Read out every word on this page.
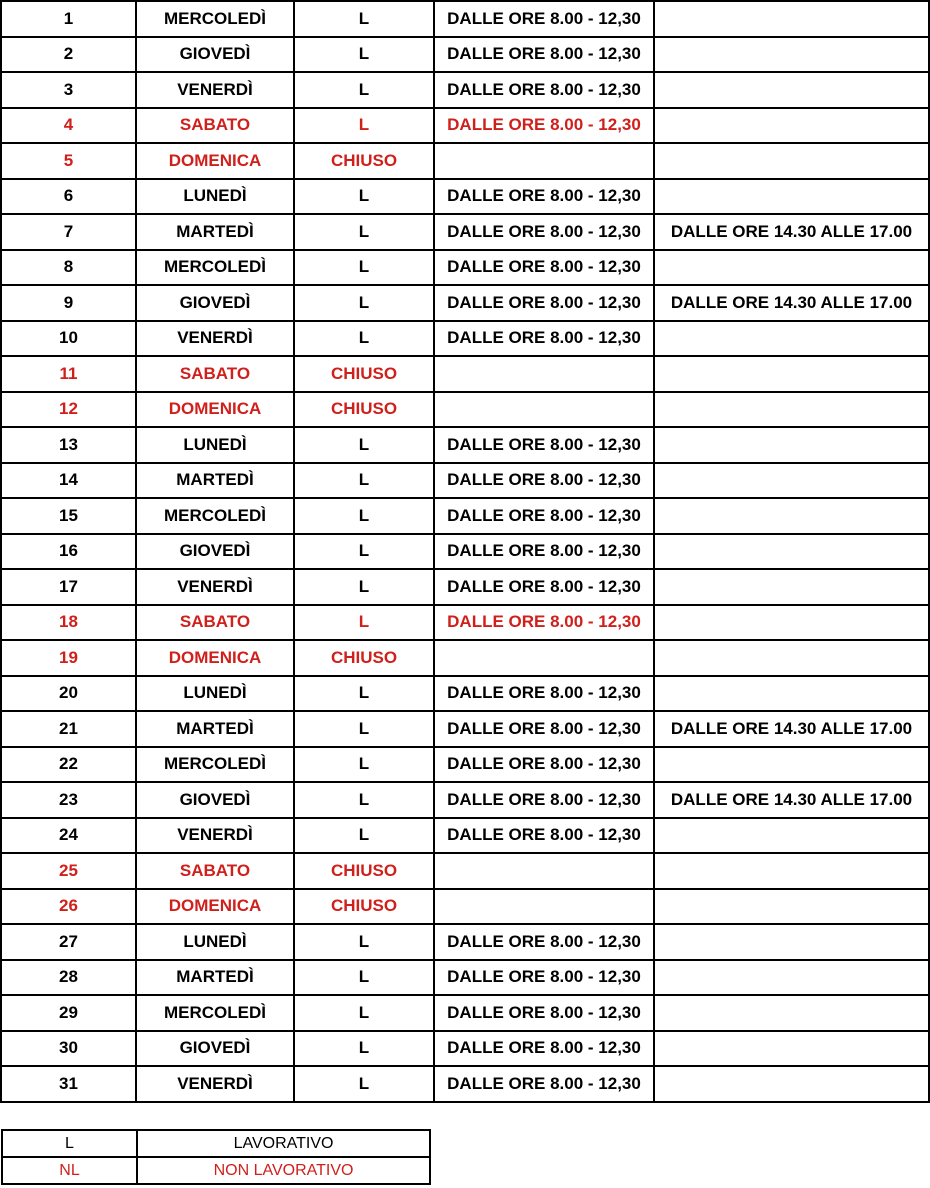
1	MERCOLEDÌ	L	DALLE ORE 8.00 - 12,30	
2	GIOVEDÌ	L	DALLE ORE 8.00 - 12,30	
3	VENERDÌ	L	DALLE ORE 8.00 - 12,30	
4	SABATO	L	DALLE ORE 8.00 - 12,30	
5	DOMENICA	CHIUSO		
6	LUNEDÌ	L	DALLE ORE 8.00 - 12,30	
7	MARTEDÌ	L	DALLE ORE 8.00 - 12,30	DALLE ORE 14.30 ALLE 17.00
8	MERCOLEDÌ	L	DALLE ORE 8.00 - 12,30	
9	GIOVEDÌ	L	DALLE ORE 8.00 - 12,30	DALLE ORE 14.30 ALLE 17.00
10	VENERDÌ	L	DALLE ORE 8.00 - 12,30	
11	SABATO	CHIUSO		
12	DOMENICA	CHIUSO		
13	LUNEDÌ	L	DALLE ORE 8.00 - 12,30	
14	MARTEDÌ	L	DALLE ORE 8.00 - 12,30	
15	MERCOLEDÌ	L	DALLE ORE 8.00 - 12,30	
16	GIOVEDÌ	L	DALLE ORE 8.00 - 12,30	
17	VENERDÌ	L	DALLE ORE 8.00 - 12,30	
18	SABATO	L	DALLE ORE 8.00 - 12,30	
19	DOMENICA	CHIUSO		
20	LUNEDÌ	L	DALLE ORE 8.00 - 12,30	
21	MARTEDÌ	L	DALLE ORE 8.00 - 12,30	DALLE ORE 14.30 ALLE 17.00
22	MERCOLEDÌ	L	DALLE ORE 8.00 - 12,30	
23	GIOVEDÌ	L	DALLE ORE 8.00 - 12,30	DALLE ORE 14.30 ALLE 17.00
24	VENERDÌ	L	DALLE ORE 8.00 - 12,30	
25	SABATO	CHIUSO		
26	DOMENICA	CHIUSO		
27	LUNEDÌ	L	DALLE ORE 8.00 - 12,30	
28	MARTEDÌ	L	DALLE ORE 8.00 - 12,30	
29	MERCOLEDÌ	L	DALLE ORE 8.00 - 12,30	
30	GIOVEDÌ	L	DALLE ORE 8.00 - 12,30	
31	VENERDÌ	L	DALLE ORE 8.00 - 12,30	
L	LAVORATIVO
NL	NON LAVORATIVO
